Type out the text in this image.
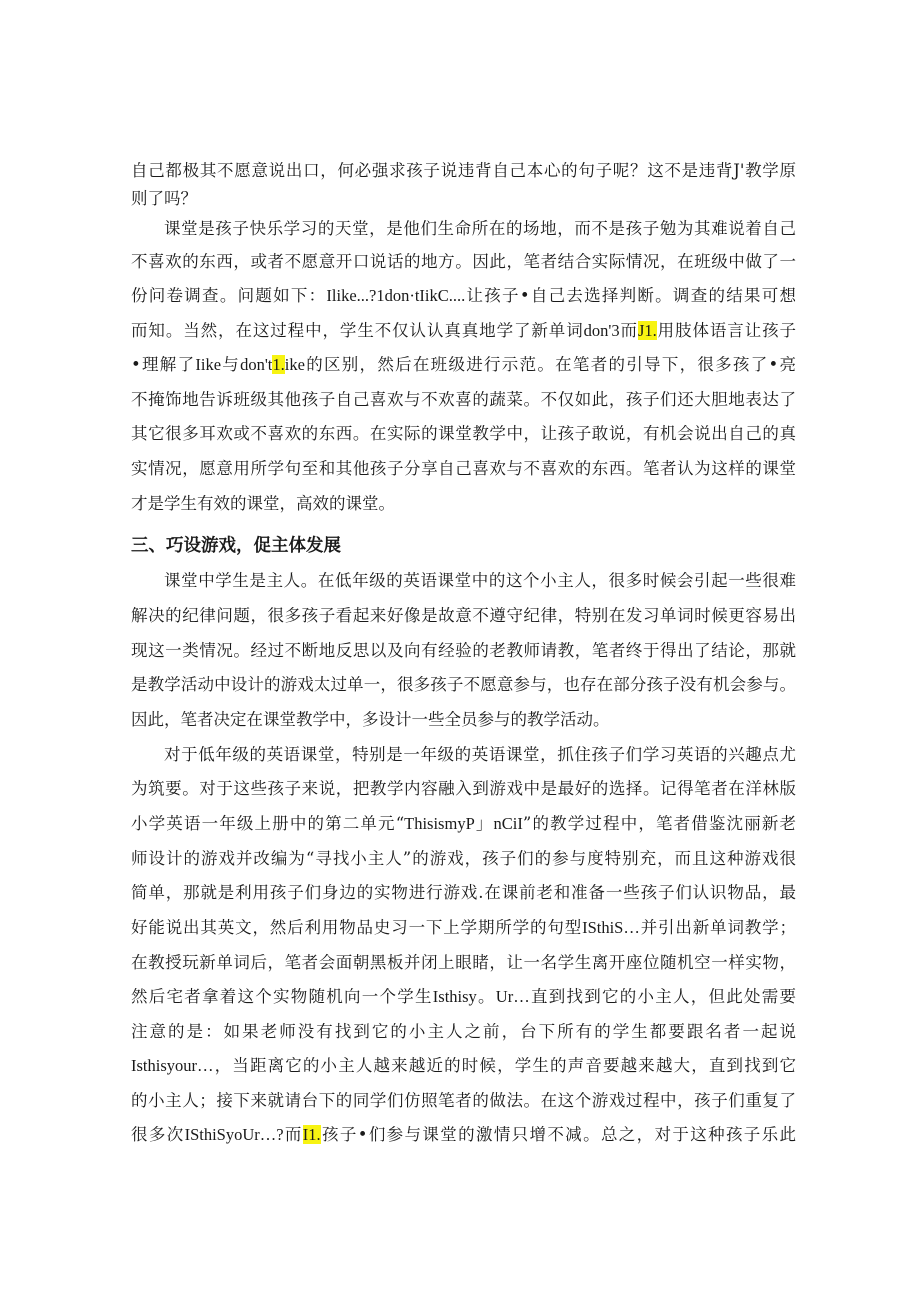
自己都极其不愿意说出口，何必强求孩子说违背自己本心的句子呢？这不是违背J'教学原
则了吗？
课堂是孩子快乐学习的天堂，是他们生命所在的场地，而不是孩子勉为其难说着自己
不喜欢的东西，或者不愿意开口说话的地方。因此，笔者结合实际情况，在班级中做了一
份问卷调查。问题如下：Ilike...?1don·tIikC....让孩子•自己去选择判断。调查的结果可想
而知。当然，在这过程中，学生不仅认认真真地学了新单词don'3而J1.用肢体语言让孩子
•理解了Iike与don't1.ike的区别，然后在班级进行示范。在笔者的引导下，很多孩了•亮
不掩饰地告诉班级其他孩子自己喜欢与不欢喜的蔬菜。不仅如此，孩子们还大胆地表达了
其它很多耳欢或不喜欢的东西。在实际的课堂教学中，让孩子敢说，有机会说出自己的真
实情况，愿意用所学句至和其他孩子分享自己喜欢与不喜欢的东西。笔者认为这样的课堂
才是学生有效的课堂，高效的课堂。
三、巧设游戏，促主体发展
课堂中学生是主人。在低年级的英语课堂中的这个小主人，很多时候会引起一些很难
解决的纪律问题，很多孩子看起来好像是故意不遵守纪律，特别在发习单词时候更容易出
现这一类情况。经过不断地反思以及向有经验的老教师请教，笔者终于得出了结论，那就
是教学活动中设计的游戏太过单一，很多孩子不愿意参与，也存在部分孩子没有机会参与。
因此，笔者决定在课堂教学中，多设计一些全员参与的教学活动。
对于低年级的英语课堂，特别是一年级的英语课堂，抓住孩子们学习英语的兴趣点尤
为筑要。对于这些孩子来说，把教学内容融入到游戏中是最好的选择。记得笔者在洋林版
小学英语一年级上册中的第二单元“ThisismyP」nCiI”的教学过程中，笔者借鉴沈丽新老
师设计的游戏并改编为“寻找小主人”的游戏，孩子们的参与度特别充，而且这种游戏很
简单，那就是利用孩子们身边的实物进行游戏.在课前老和准备一些孩子们认识物品，最
好能说出其英文，然后利用物品史习一下上学期所学的句型ISthiS…并引出新单词教学；
在教授玩新单词后，笔者会面朝黑板并闭上眼睹，让一名学生离开座位随机空一样实物，
然后宅者拿着这个实物随机向一个学生Isthisy。Ur…直到找到它的小主人，但此处需要
注意的是：如果老师没有找到它的小主人之前，台下所有的学生都要跟名者一起说
Isthisyour…，当距离它的小主人越来越近的时候，学生的声音要越来越大，直到找到它
的小主人；接下来就请台下的同学们仿照笔者的做法。在这个游戏过程中，孩子们重复了
很多次ISthiSyoUr…?而I1.孩子•们参与课堂的激情只增不减。总之，对于这种孩子乐此
